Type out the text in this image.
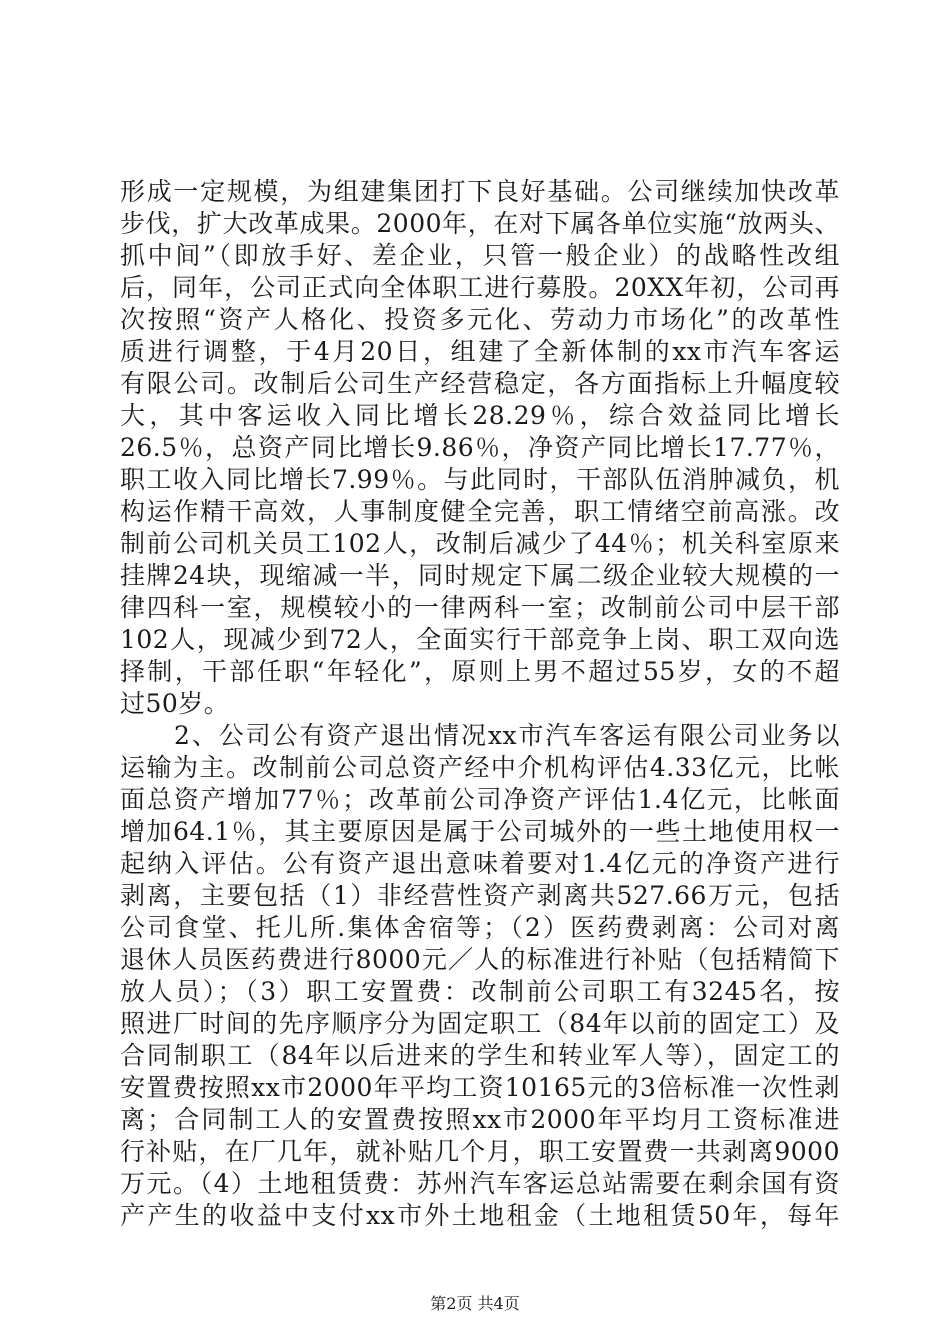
形成一定规模，为组建集团打下良好基础。公司继续加快改革
步伐，扩大改革成果。2000年，在对下属各单位实施“放两头、
抓中间”（即放手好、差企业，只管一般企业）的战略性改组
后，同年，公司正式向全体职工进行募股。20XX年初，公司再
次按照“资产人格化、投资多元化、劳动力市场化”的改革性
质进行调整，于4月20日，组建了全新体制的xx市汽车客运
有限公司。改制后公司生产经营稳定，各方面指标上升幅度较
大，其中客运收入同比增长28.29％，综合效益同比增长
26.5％，总资产同比增长9.86％，净资产同比增长17.77％，
职工收入同比增长7.99％。与此同时，干部队伍消肿减负，机
构运作精干高效，人事制度健全完善，职工情绪空前高涨。改
制前公司机关员工102人，改制后减少了44％；机关科室原来
挂牌24块，现缩减一半，同时规定下属二级企业较大规模的一
律四科一室，规模较小的一律两科一室；改制前公司中层干部
102人，现减少到72人，全面实行干部竞争上岗、职工双向选
择制，干部任职“年轻化”，原则上男不超过55岁，女的不超
过50岁。
2、公司公有资产退出情况xx市汽车客运有限公司业务以
运输为主。改制前公司总资产经中介机构评估4.33亿元，比帐
面总资产增加77％；改革前公司净资产评估1.4亿元，比帐面
增加64.1％，其主要原因是属于公司城外的一些土地使用权一
起纳入评估。公有资产退出意味着要对1.4亿元的净资产进行
剥离，主要包括（1）非经营性资产剥离共527.66万元，包括
公司食堂、托儿所.集体舍宿等；（2）医药费剥离：公司对离
退休人员医药费进行8000元／人的标准进行补贴（包括精简下
放人员）；（3）职工安置费：改制前公司职工有3245名，按
照进厂时间的先序顺序分为固定职工（84年以前的固定工）及
合同制职工（84年以后进来的学生和转业军人等），固定工的
安置费按照xx市2000年平均工资10165元的3倍标准一次性剥
离；合同制工人的安置费按照xx市2000年平均月工资标准进
行补贴，在厂几年，就补贴几个月，职工安置费一共剥离9000
万元。（4）土地租赁费：苏州汽车客运总站需要在剩余国有资
产产生的收益中支付xx市外土地租金（土地租赁50年，每年
第2页 共4页
